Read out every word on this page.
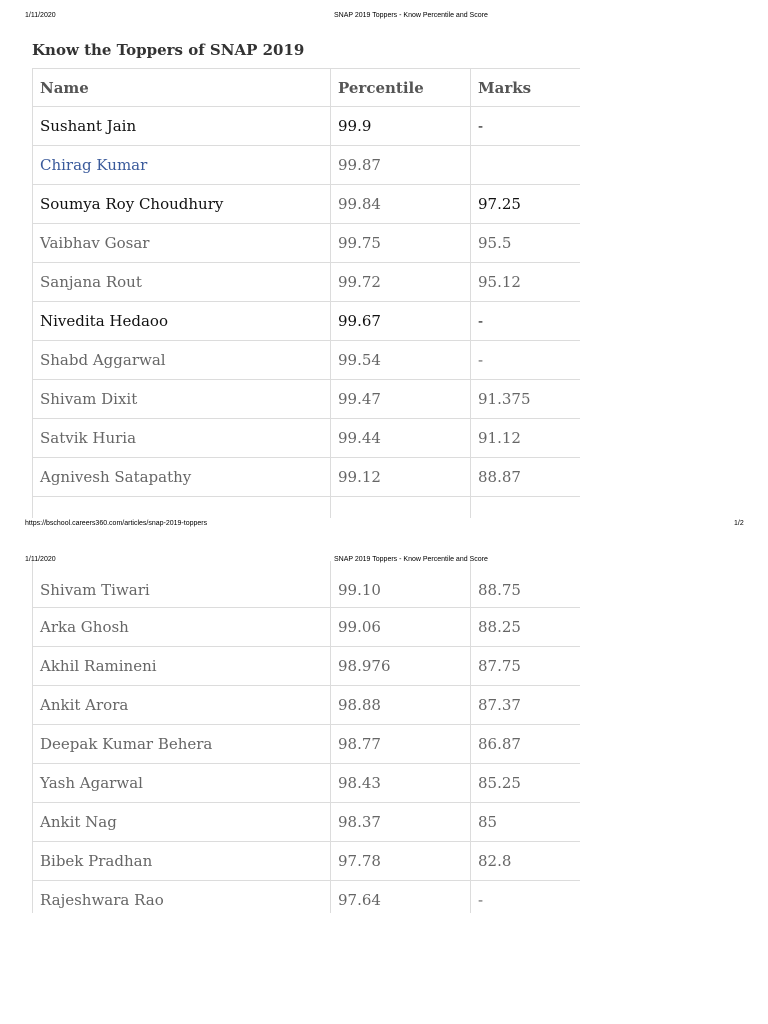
1/11/2020	SNAP 2019 Toppers - Know Percentile and Score
Know the Toppers of SNAP 2019
Name	Percentile	Marks
Sushant Jain	99.9	-
Chirag Kumar	99.87	
Soumya Roy Choudhury	99.84	97.25
Vaibhav Gosar	99.75	95.5
Sanjana Rout	99.72	95.12
Nivedita Hedaoo	99.67	-
Shabd Aggarwal	99.54	-
Shivam Dixit	99.47	91.375
Satvik Huria	99.44	91.12
Agnivesh Satapathy	99.12	88.87

https://bschool.careers360.com/articles/snap-2019-toppers	1/2
1/11/2020	SNAP 2019 Toppers - Know Percentile and Score
Shivam Tiwari	99.10	88.75
Arka Ghosh	99.06	88.25
Akhil Ramineni	98.976	87.75
Ankit Arora	98.88	87.37
Deepak Kumar Behera	98.77	86.87
Yash Agarwal	98.43	85.25
Ankit Nag	98.37	85
Bibek Pradhan	97.78	82.8
Rajeshwara Rao	97.64	-
